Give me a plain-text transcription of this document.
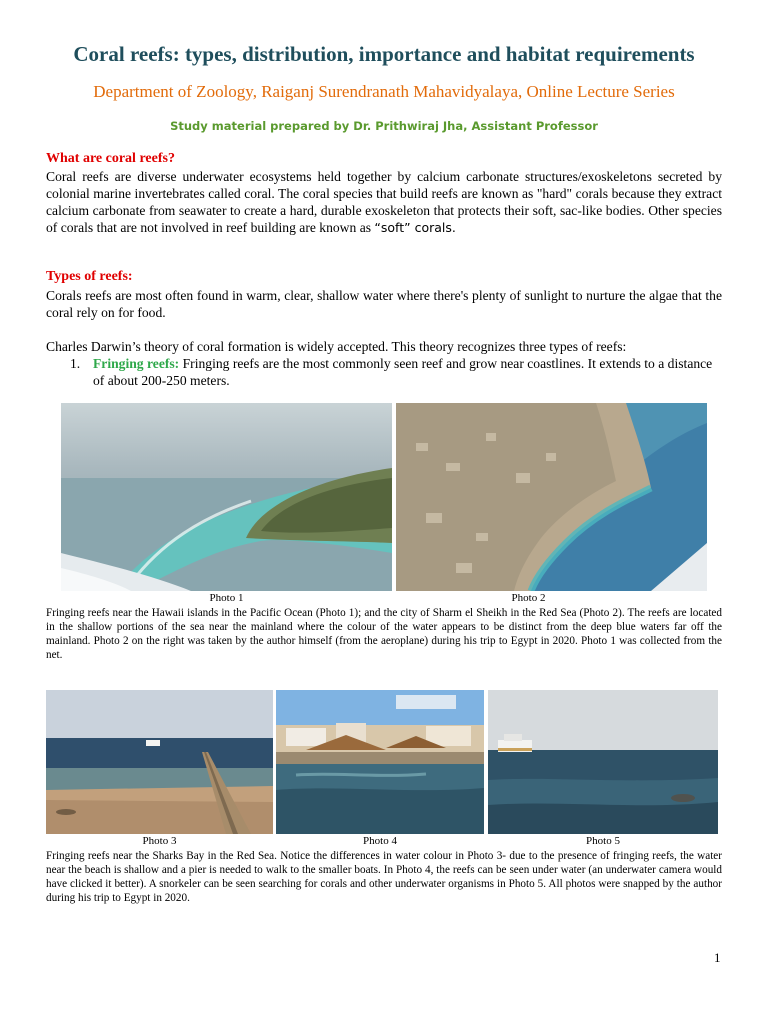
Coral reefs: types, distribution, importance and habitat requirements
Department of Zoology, Raiganj Surendranath Mahavidyalaya, Online Lecture Series
Study material prepared by Dr. Prithwiraj Jha, Assistant Professor
What are coral reefs?

Coral reefs are diverse underwater ecosystems held together by calcium carbonate structures/exoskeletons secreted by colonial marine invertebrates called coral. The coral species that build reefs are known as "hard" corals because they extract calcium carbonate from seawater to create a hard, durable exoskeleton that protects their soft, sac-like bodies. Other species of corals that are not involved in reef building are known as “soft” corals.

Types of reefs:

Corals reefs are most often found in warm, clear, shallow water where there's plenty of sunlight to nurture the algae that the coral rely on for food.

Charles Darwin’s theory of coral formation is widely accepted. This theory recognizes three types of reefs:

1. Fringing reefs: Fringing reefs are the most commonly seen reef and grow near coastlines. It extends to a distance of about 200-250 meters.
Photo 1	Photo 2

Fringing reefs near the Hawaii islands in the Pacific Ocean (Photo 1); and the city of Sharm el Sheikh in the Red Sea (Photo 2). The reefs are located in the shallow portions of the sea near the mainland where the colour of the water appears to be distinct from the deep blue waters far off the mainland. Photo 2 on the right was taken by the author himself (from the aeroplane) during his trip to Egypt in 2020. Photo 1 was collected from the net.

Photo 3	Photo 4	Photo 5

Fringing reefs near the Sharks Bay in the Red Sea. Notice the differences in water colour in Photo 3- due to the presence of fringing reefs, the water near the beach is shallow and a pier is needed to walk to the smaller boats. In Photo 4, the reefs can be seen under water (an underwater camera would have clicked it better). A snorkeler can be seen searching for corals and other underwater organisms in Photo 5. All photos were snapped by the author during his trip to Egypt in 2020.

1
